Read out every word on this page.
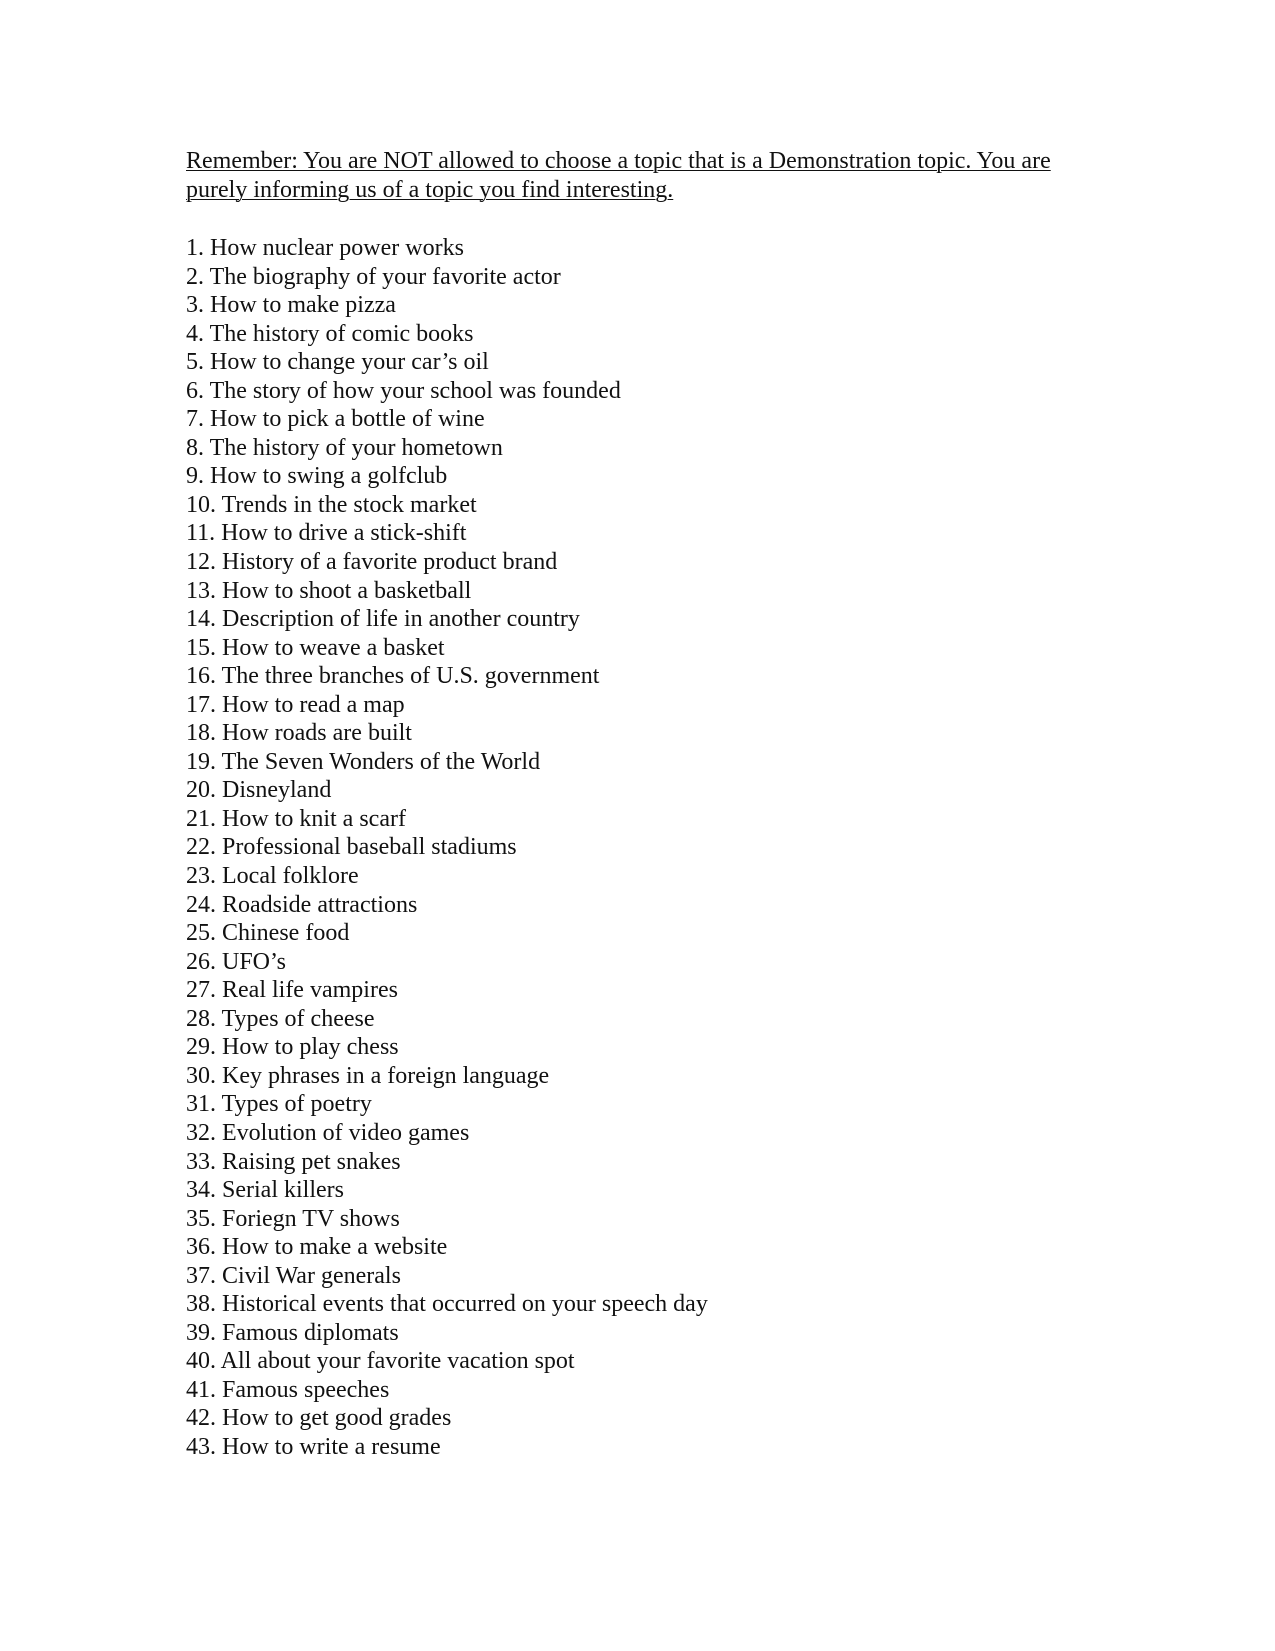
Remember: You are NOT allowed to choose a topic that is a Demonstration topic. You are purely informing us of a topic you find interesting.

1. How nuclear power works
2. The biography of your favorite actor
3. How to make pizza
4. The history of comic books
5. How to change your car’s oil
6. The story of how your school was founded
7. How to pick a bottle of wine
8. The history of your hometown
9. How to swing a golfclub
10. Trends in the stock market
11. How to drive a stick-shift
12. History of a favorite product brand
13. How to shoot a basketball
14. Description of life in another country
15. How to weave a basket
16. The three branches of U.S. government
17. How to read a map
18. How roads are built
19. The Seven Wonders of the World
20. Disneyland
21. How to knit a scarf
22. Professional baseball stadiums
23. Local folklore
24. Roadside attractions
25. Chinese food
26. UFO’s
27. Real life vampires
28. Types of cheese
29. How to play chess
30. Key phrases in a foreign language
31. Types of poetry
32. Evolution of video games
33. Raising pet snakes
34. Serial killers
35. Foriegn TV shows
36. How to make a website
37. Civil War generals
38. Historical events that occurred on your speech day
39. Famous diplomats
40. All about your favorite vacation spot
41. Famous speeches
42. How to get good grades
43. How to write a resume
